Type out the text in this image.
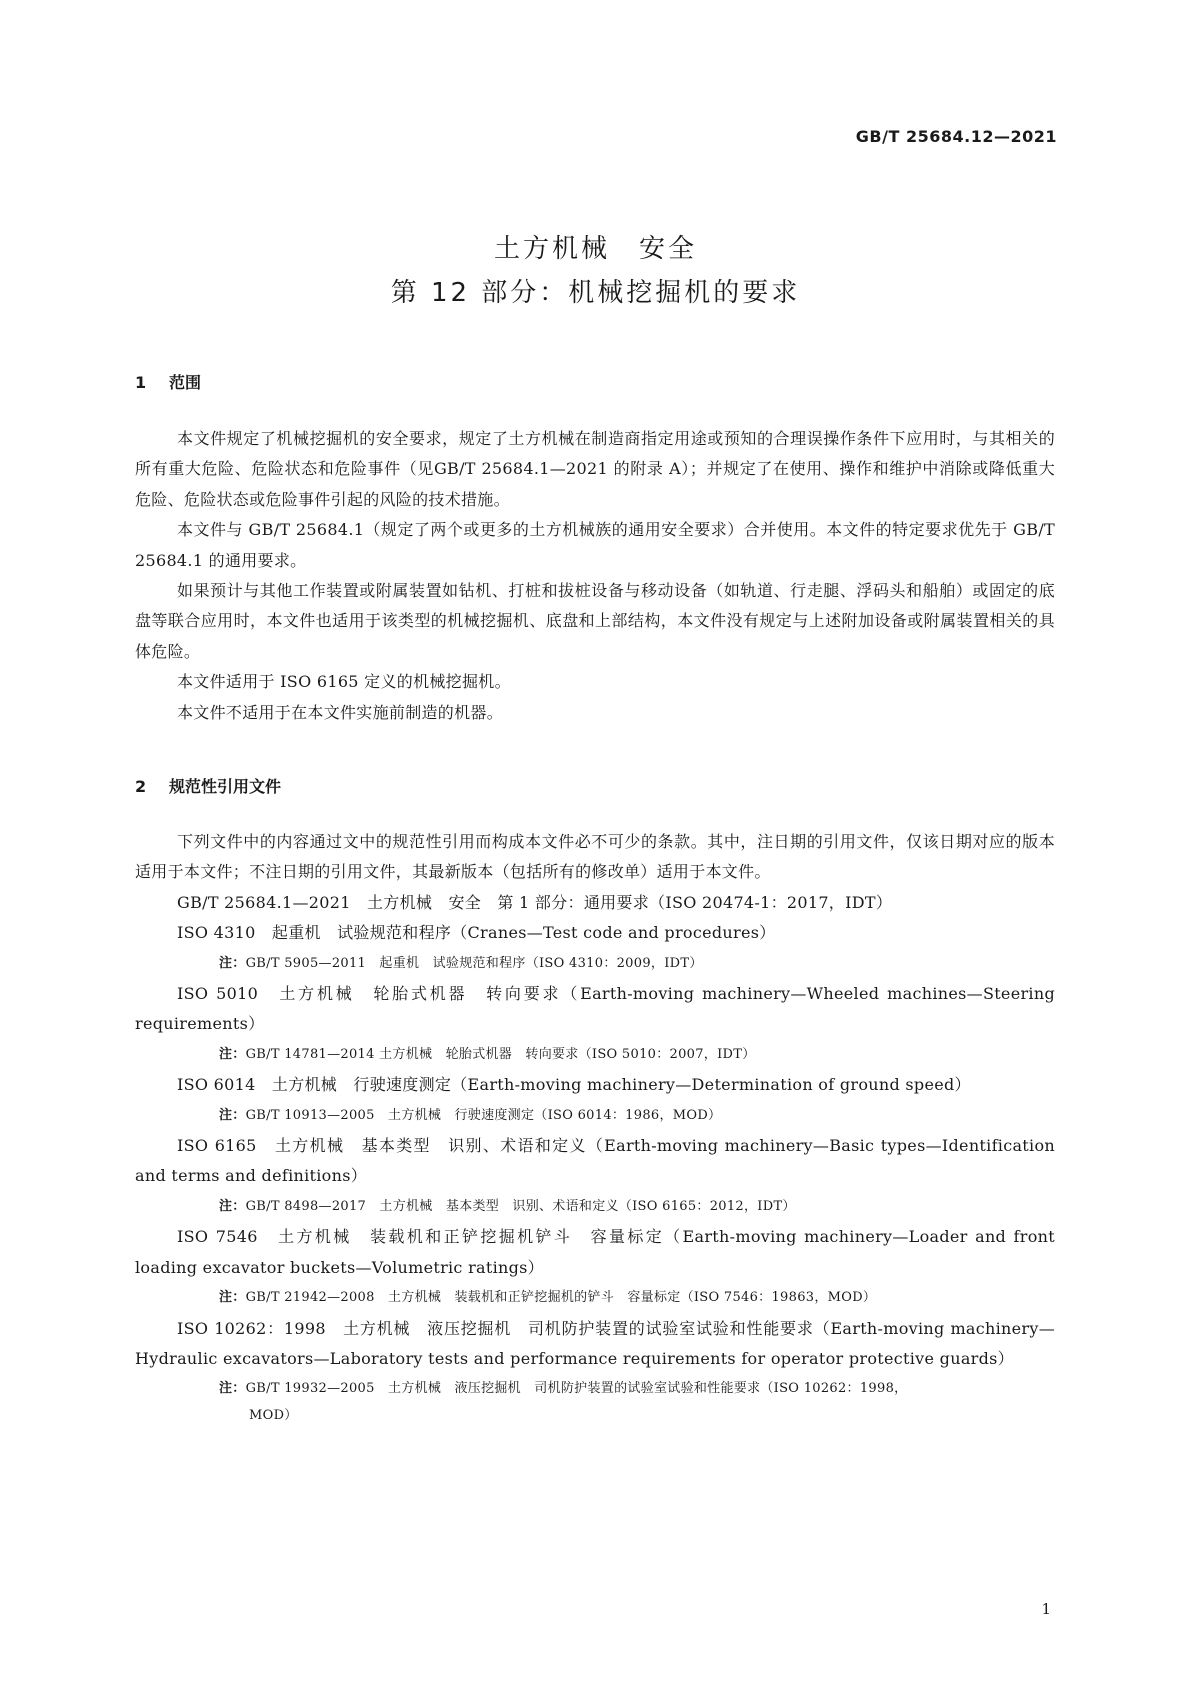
GB/T 25684.12—2021
土方机械　安全
第 12 部分：机械挖掘机的要求
1 范围

本文件规定了机械挖掘机的安全要求，规定了土方机械在制造商指定用途或预知的合理误操作条件下应用时，与其相关的所有重大危险、危险状态和危险事件（见GB/T 25684.1—2021 的附录 A）；并规定了在使用、操作和维护中消除或降低重大危险、危险状态或危险事件引起的风险的技术措施。

本文件与 GB/T 25684.1（规定了两个或更多的土方机械族的通用安全要求）合并使用。本文件的特定要求优先于 GB/T 25684.1 的通用要求。

如果预计与其他工作装置或附属装置如钻机、打桩和拔桩设备与移动设备（如轨道、行走腿、浮码头和船舶）或固定的底盘等联合应用时，本文件也适用于该类型的机械挖掘机、底盘和上部结构，本文件没有规定与上述附加设备或附属装置相关的具体危险。

本文件适用于 ISO 6165 定义的机械挖掘机。

本文件不适用于在本文件实施前制造的机器。

2 规范性引用文件

下列文件中的内容通过文中的规范性引用而构成本文件必不可少的条款。其中，注日期的引用文件，仅该日期对应的版本适用于本文件；不注日期的引用文件，其最新版本（包括所有的修改单）适用于本文件。

GB/T 25684.1—2021　土方机械　安全　第 1 部分：通用要求（ISO 20474-1：2017，IDT）

ISO 4310　起重机　试验规范和程序（Cranes—Test code and procedures）

注：GB/T 5905—2011　起重机　试验规范和程序（ISO 4310：2009，IDT）

ISO 5010　土方机械　轮胎式机器　转向要求（Earth-moving machinery—Wheeled machines—Steering requirements）

注：GB/T 14781—2014 土方机械　轮胎式机器　转向要求（ISO 5010：2007，IDT）

ISO 6014　土方机械　行驶速度测定（Earth-moving machinery—Determination of ground speed）

注：GB/T 10913—2005　土方机械　行驶速度测定（ISO 6014：1986，MOD）

ISO 6165　土方机械　基本类型　识别、术语和定义（Earth-moving machinery—Basic types—Identification and terms and definitions）

注：GB/T 8498—2017　土方机械　基本类型　识别、术语和定义（ISO 6165：2012，IDT）

ISO 7546　土方机械　装载机和正铲挖掘机铲斗　容量标定（Earth-moving machinery—Loader and front loading excavator buckets—Volumetric ratings）

注：GB/T 21942—2008　土方机械　装载机和正铲挖掘机的铲斗　容量标定（ISO 7546：19863，MOD）

ISO 10262：1998　土方机械　液压挖掘机　司机防护装置的试验室试验和性能要求（Earth-moving machinery—Hydraulic excavators—Laboratory tests and performance requirements for operator protective guards）

注：GB/T 19932—2005　土方机械　液压挖掘机　司机防护装置的试验室试验和性能要求（ISO 10262：1998，

MOD）

1
